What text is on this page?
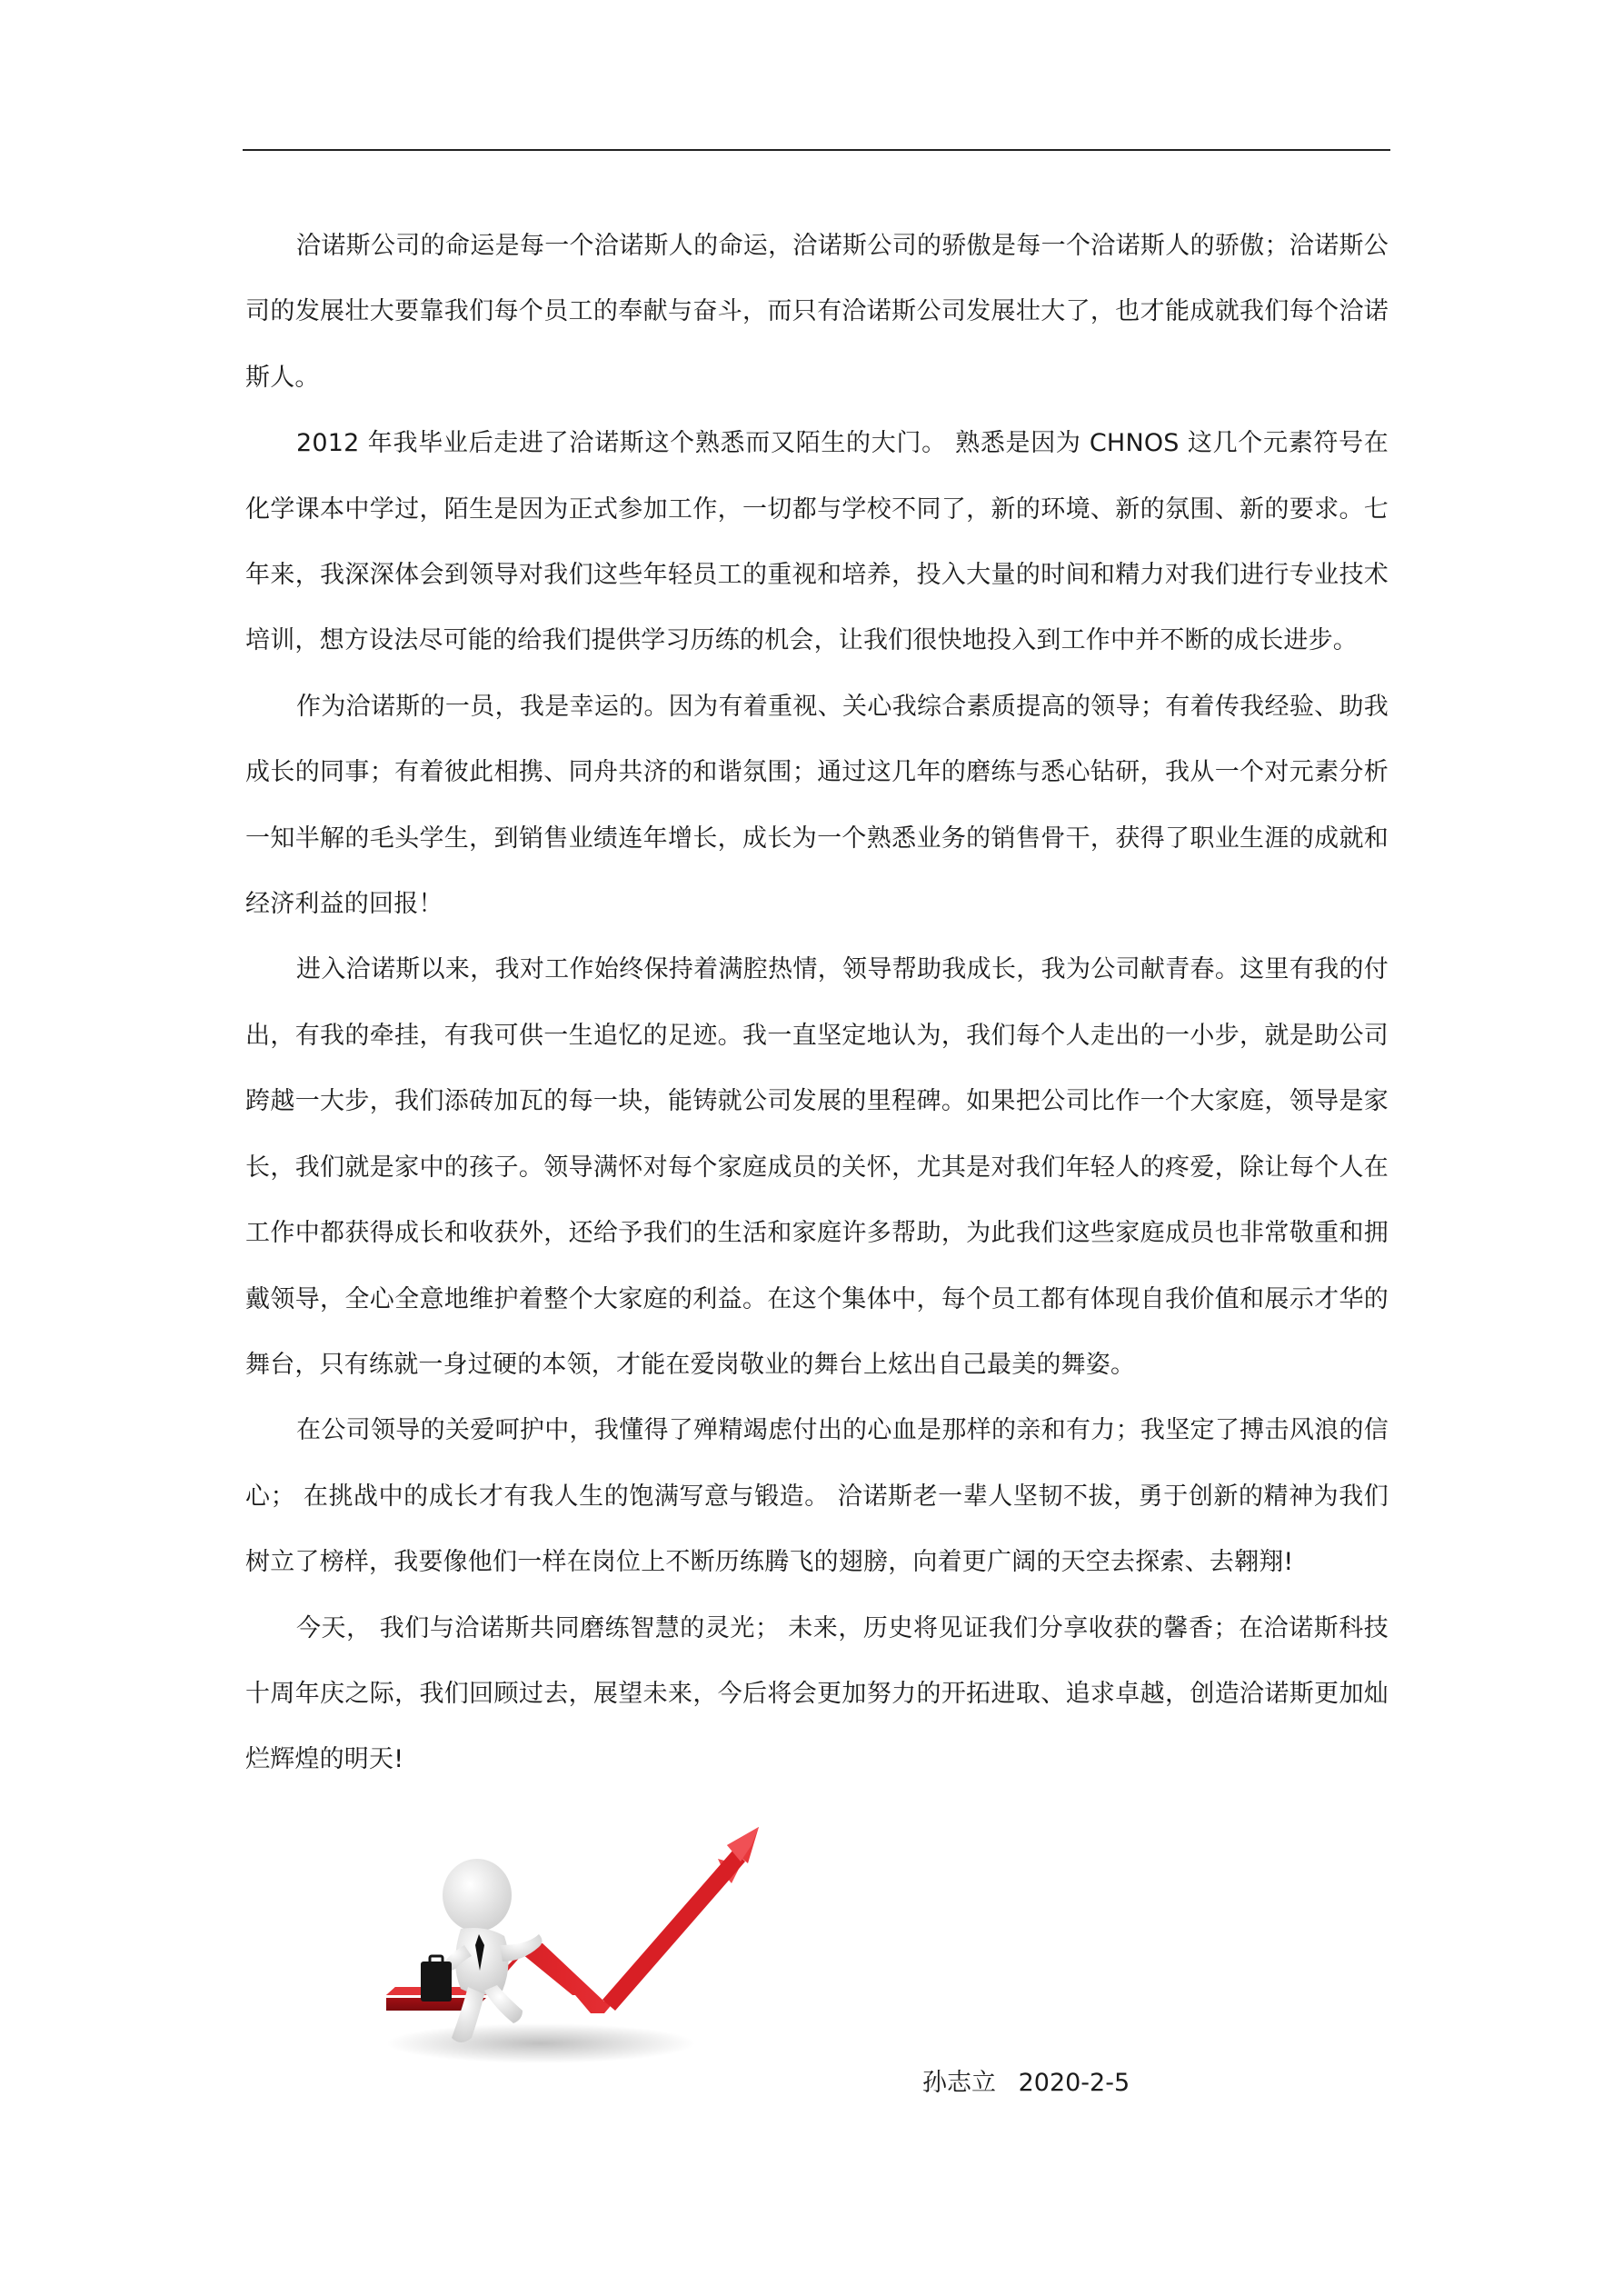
洽诺斯公司的命运是每一个洽诺斯人的命运，洽诺斯公司的骄傲是每一个洽诺斯人的骄傲；洽诺斯公司的发展壮大要靠我们每个员工的奉献与奋斗，而只有洽诺斯公司发展壮大了，也才能成就我们每个洽诺斯人。

2012 年我毕业后走进了洽诺斯这个熟悉而又陌生的大门。 熟悉是因为 CHNOS 这几个元素符号在化学课本中学过，陌生是因为正式参加工作，一切都与学校不同了，新的环境、新的氛围、新的要求。七年来，我深深体会到领导对我们这些年轻员工的重视和培养，投入大量的时间和精力对我们进行专业技术培训，想方设法尽可能的给我们提供学习历练的机会，让我们很快地投入到工作中并不断的成长进步。

作为洽诺斯的一员，我是幸运的。因为有着重视、关心我综合素质提高的领导；有着传我经验、助我成长的同事；有着彼此相携、同舟共济的和谐氛围；通过这几年的磨练与悉心钻研，我从一个对元素分析一知半解的毛头学生，到销售业绩连年增长，成长为一个熟悉业务的销售骨干，获得了职业生涯的成就和经济利益的回报！

进入洽诺斯以来，我对工作始终保持着满腔热情，领导帮助我成长，我为公司献青春。这里有我的付出，有我的牵挂，有我可供一生追忆的足迹。我一直坚定地认为，我们每个人走出的一小步，就是助公司跨越一大步，我们添砖加瓦的每一块，能铸就公司发展的里程碑。如果把公司比作一个大家庭，领导是家长，我们就是家中的孩子。领导满怀对每个家庭成员的关怀，尤其是对我们年轻人的疼爱，除让每个人在工作中都获得成长和收获外，还给予我们的生活和家庭许多帮助，为此我们这些家庭成员也非常敬重和拥戴领导，全心全意地维护着整个大家庭的利益。在这个集体中，每个员工都有体现自我价值和展示才华的舞台，只有练就一身过硬的本领，才能在爱岗敬业的舞台上炫出自己最美的舞姿。

在公司领导的关爱呵护中，我懂得了殚精竭虑付出的心血是那样的亲和有力；我坚定了搏击风浪的信心； 在挑战中的成长才有我人生的饱满写意与锻造。 洽诺斯老一辈人坚韧不拔，勇于创新的精神为我们树立了榜样，我要像他们一样在岗位上不断历练腾飞的翅膀，向着更广阔的天空去探索、去翱翔!

今天， 我们与洽诺斯共同磨练智慧的灵光； 未来，历史将见证我们分享收获的馨香；在洽诺斯科技十周年庆之际，我们回顾过去，展望未来，今后将会更加努力的开拓进取、追求卓越，创造洽诺斯更加灿烂辉煌的明天!

孙志立 2020-2-5
